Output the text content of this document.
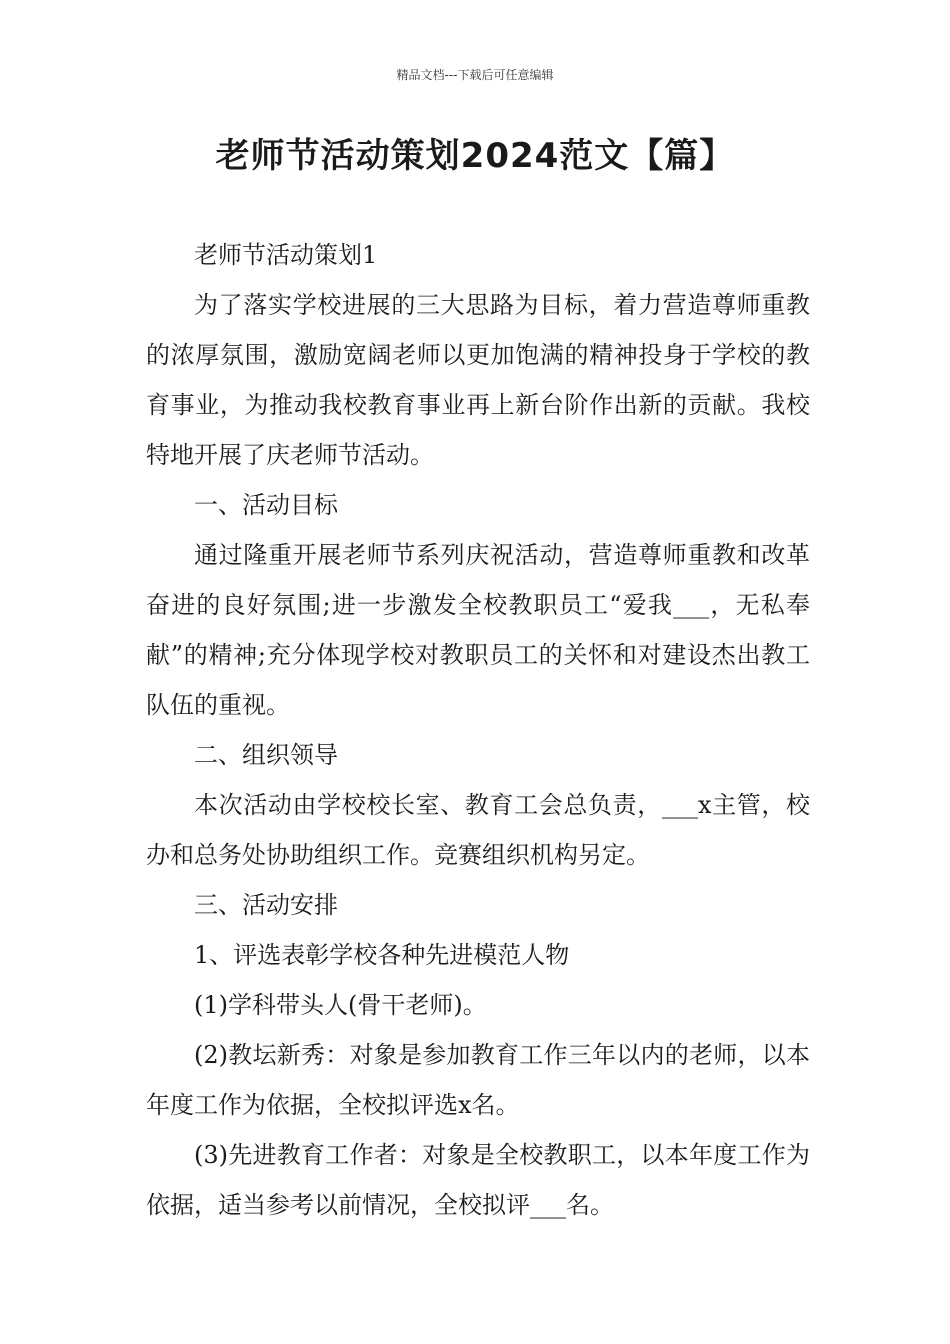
精品文档---下载后可任意编辑
老师节活动策划2024范文【篇】

老师节活动策划1

为了落实学校进展的三大思路为目标，着力营造尊师重教的浓厚氛围，激励宽阔老师以更加饱满的精神投身于学校的教育事业，为推动我校教育事业再上新台阶作出新的贡献。我校特地开展了庆老师节活动。

一、活动目标

通过隆重开展老师节系列庆祝活动，营造尊师重教和改革奋进的良好氛围;进一步激发全校教职员工“爱我___，无私奉献”的精神;充分体现学校对教职员工的关怀和对建设杰出教工队伍的重视。

二、组织领导

本次活动由学校校长室、教育工会总负责，___x主管，校办和总务处协助组织工作。竞赛组织机构另定。

三、活动安排

1、评选表彰学校各种先进模范人物

(1)学科带头人(骨干老师)。

(2)教坛新秀：对象是参加教育工作三年以内的老师，以本年度工作为依据，全校拟评选x名。

(3)先进教育工作者：对象是全校教职工，以本年度工作为依据，适当参考以前情况，全校拟评___名。
